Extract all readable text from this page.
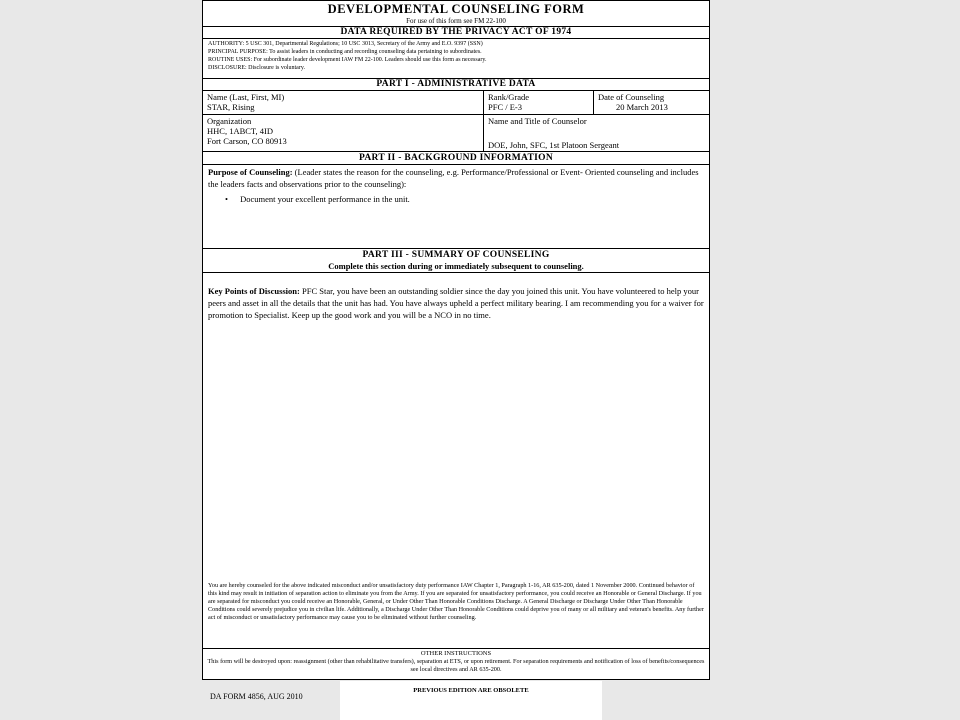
DEVELOPMENTAL COUNSELING FORM
For use of this form see FM 22-100
DATA REQUIRED BY THE PRIVACY ACT OF 1974
AUTHORITY: 5 USC 301, Departmental Regulations; 10 USC 3013, Secretary of the Army and E.O. 9397 (SSN)
PRINCIPAL PURPOSE: To assist leaders in conducting and recording counseling data pertaining to subordinates.
ROUTINE USES: For subordinate leader development IAW FM 22-100. Leaders should use this form as necessary.
DISCLOSURE: Disclosure is voluntary.
PART I - ADMINISTRATIVE DATA
Name (Last, First, MI)
STAR, Rising
Rank/Grade
PFC / E-3
Date of Counseling
20 March 2013
Organization
HHC, 1ABCT, 4ID
Fort Carson, CO 80913
Name and Title of Counselor
DOE, John, SFC, 1st Platoon Sergeant
PART II - BACKGROUND INFORMATION
Purpose of Counseling: (Leader states the reason for the counseling, e.g. Performance/Professional or Event- Oriented counseling and includes the leaders facts and observations prior to the counseling):
• Document your excellent performance in the unit.
PART III - SUMMARY OF COUNSELING
Complete this section during or immediately subsequent to counseling.
Key Points of Discussion: PFC Star, you have been an outstanding soldier since the day you joined this unit. You have volunteered to help your peers and asset in all the details that the unit has had. You have always upheld a perfect military bearing. I am recommending you for a waiver for promotion to Specialist. Keep up the good work and you will be a NCO in no time.
You are hereby counseled for the above indicated misconduct and/or unsatisfactory duty performance IAW Chapter 1, Paragraph 1-16, AR 635-200, dated 1 November 2000. Continued behavior of this kind may result in initiation of separation action to eliminate you from the Army. If you are separated for unsatisfactory performance, you could receive an Honorable or General Discharge. If you are separated for misconduct you could receive an Honorable, General, or Under Other Than Honorable Conditions Discharge. A General Discharge or Discharge Under Other Than Honorable Conditions could severely prejudice you in civilian life. Additionally, a Discharge Under Other Than Honorable Conditions could deprive you of many or all military and veteran's benefits. Any further act of misconduct or unsatisfactory performance may cause you to be eliminated without further counseling.
OTHER INSTRUCTIONS
This form will be destroyed upon: reassignment (other than rehabilitative transfers), separation at ETS, or upon retirement. For separation requirements and notification of loss of benefits/consequences see local directives and AR 635-200.
DA FORM 4856, AUG 2010
PREVIOUS EDITION ARE OBSOLETE
